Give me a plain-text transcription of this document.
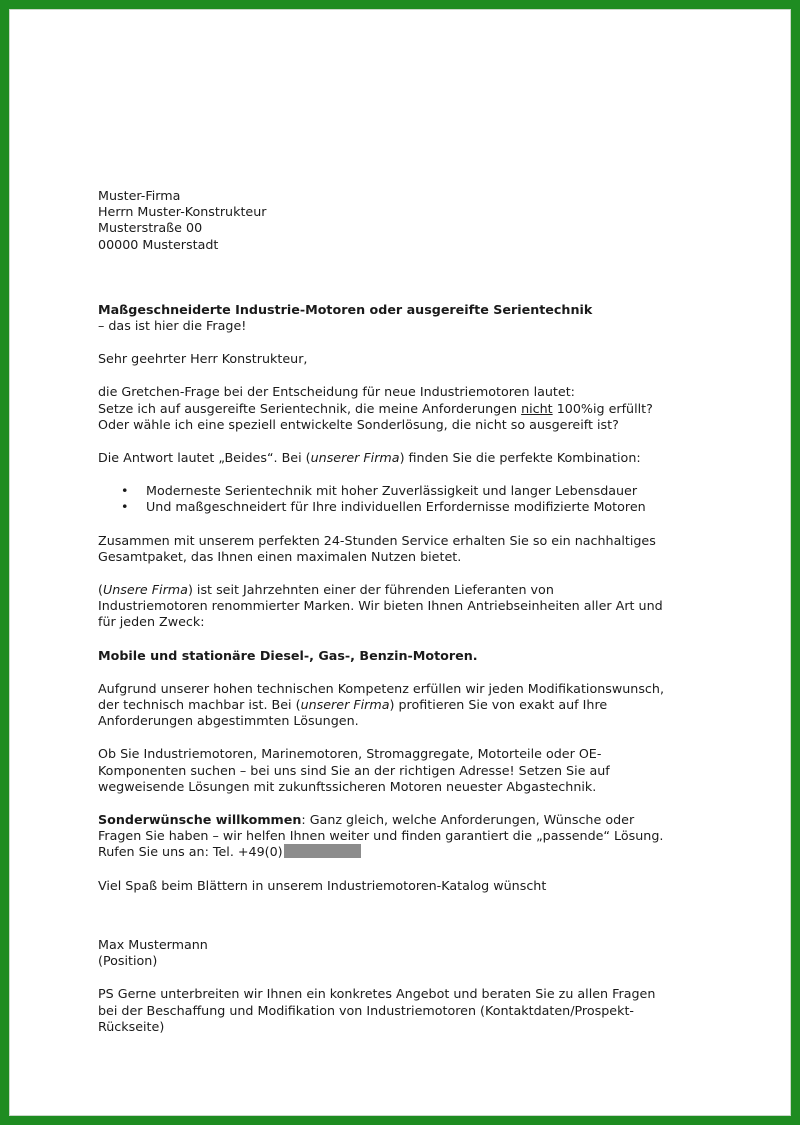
Muster-Firma
Herrn Muster-Konstrukteur
Musterstraße 00
00000 Musterstadt
Maßgeschneiderte Industrie-Motoren oder ausgereifte Serientechnik
– das ist hier die Frage!

Sehr geehrter Herr Konstrukteur,

die Gretchen-Frage bei der Entscheidung für neue Industriemotoren lautet:
Setze ich auf ausgereifte Serientechnik, die meine Anforderungen nicht 100%ig erfüllt?
Oder wähle ich eine speziell entwickelte Sonderlösung, die nicht so ausgereift ist?

Die Antwort lautet „Beides“. Bei (unserer Firma) finden Sie die perfekte Kombination:

• Moderneste Serientechnik mit hoher Zuverlässigkeit und langer Lebensdauer
• Und maßgeschneidert für Ihre individuellen Erfordernisse modifizierte Motoren
Zusammen mit unserem perfekten 24-Stunden Service erhalten Sie so ein nachhaltiges
Gesamtpaket, das Ihnen einen maximalen Nutzen bietet.
(Unsere Firma) ist seit Jahrzehnten einer der führenden Lieferanten von
Industriemotoren renommierter Marken. Wir bieten Ihnen Antriebseinheiten aller Art und
für jeden Zweck:

Mobile und stationäre Diesel-, Gas-, Benzin-Motoren.

Aufgrund unserer hohen technischen Kompetenz erfüllen wir jeden Modifikationswunsch,
der technisch machbar ist. Bei (unserer Firma) profitieren Sie von exakt auf Ihre
Anforderungen abgestimmten Lösungen.
Ob Sie Industriemotoren, Marinemotoren, Stromaggregate, Motorteile oder OE-
Komponenten suchen – bei uns sind Sie an der richtigen Adresse! Setzen Sie auf
wegweisende Lösungen mit zukunftssicheren Motoren neuester Abgastechnik.
Sonderwünsche willkommen: Ganz gleich, welche Anforderungen, Wünsche oder
Fragen Sie haben – wir helfen Ihnen weiter und finden garantiert die „passende“ Lösung.
Rufen Sie uns an: Tel. +49(0)

Viel Spaß beim Blättern in unserem Industriemotoren-Katalog wünscht

Max Mustermann
(Position)
PS Gerne unterbreiten wir Ihnen ein konkretes Angebot und beraten Sie zu allen Fragen
bei der Beschaffung und Modifikation von Industriemotoren (Kontaktdaten/Prospekt-
Rückseite)
